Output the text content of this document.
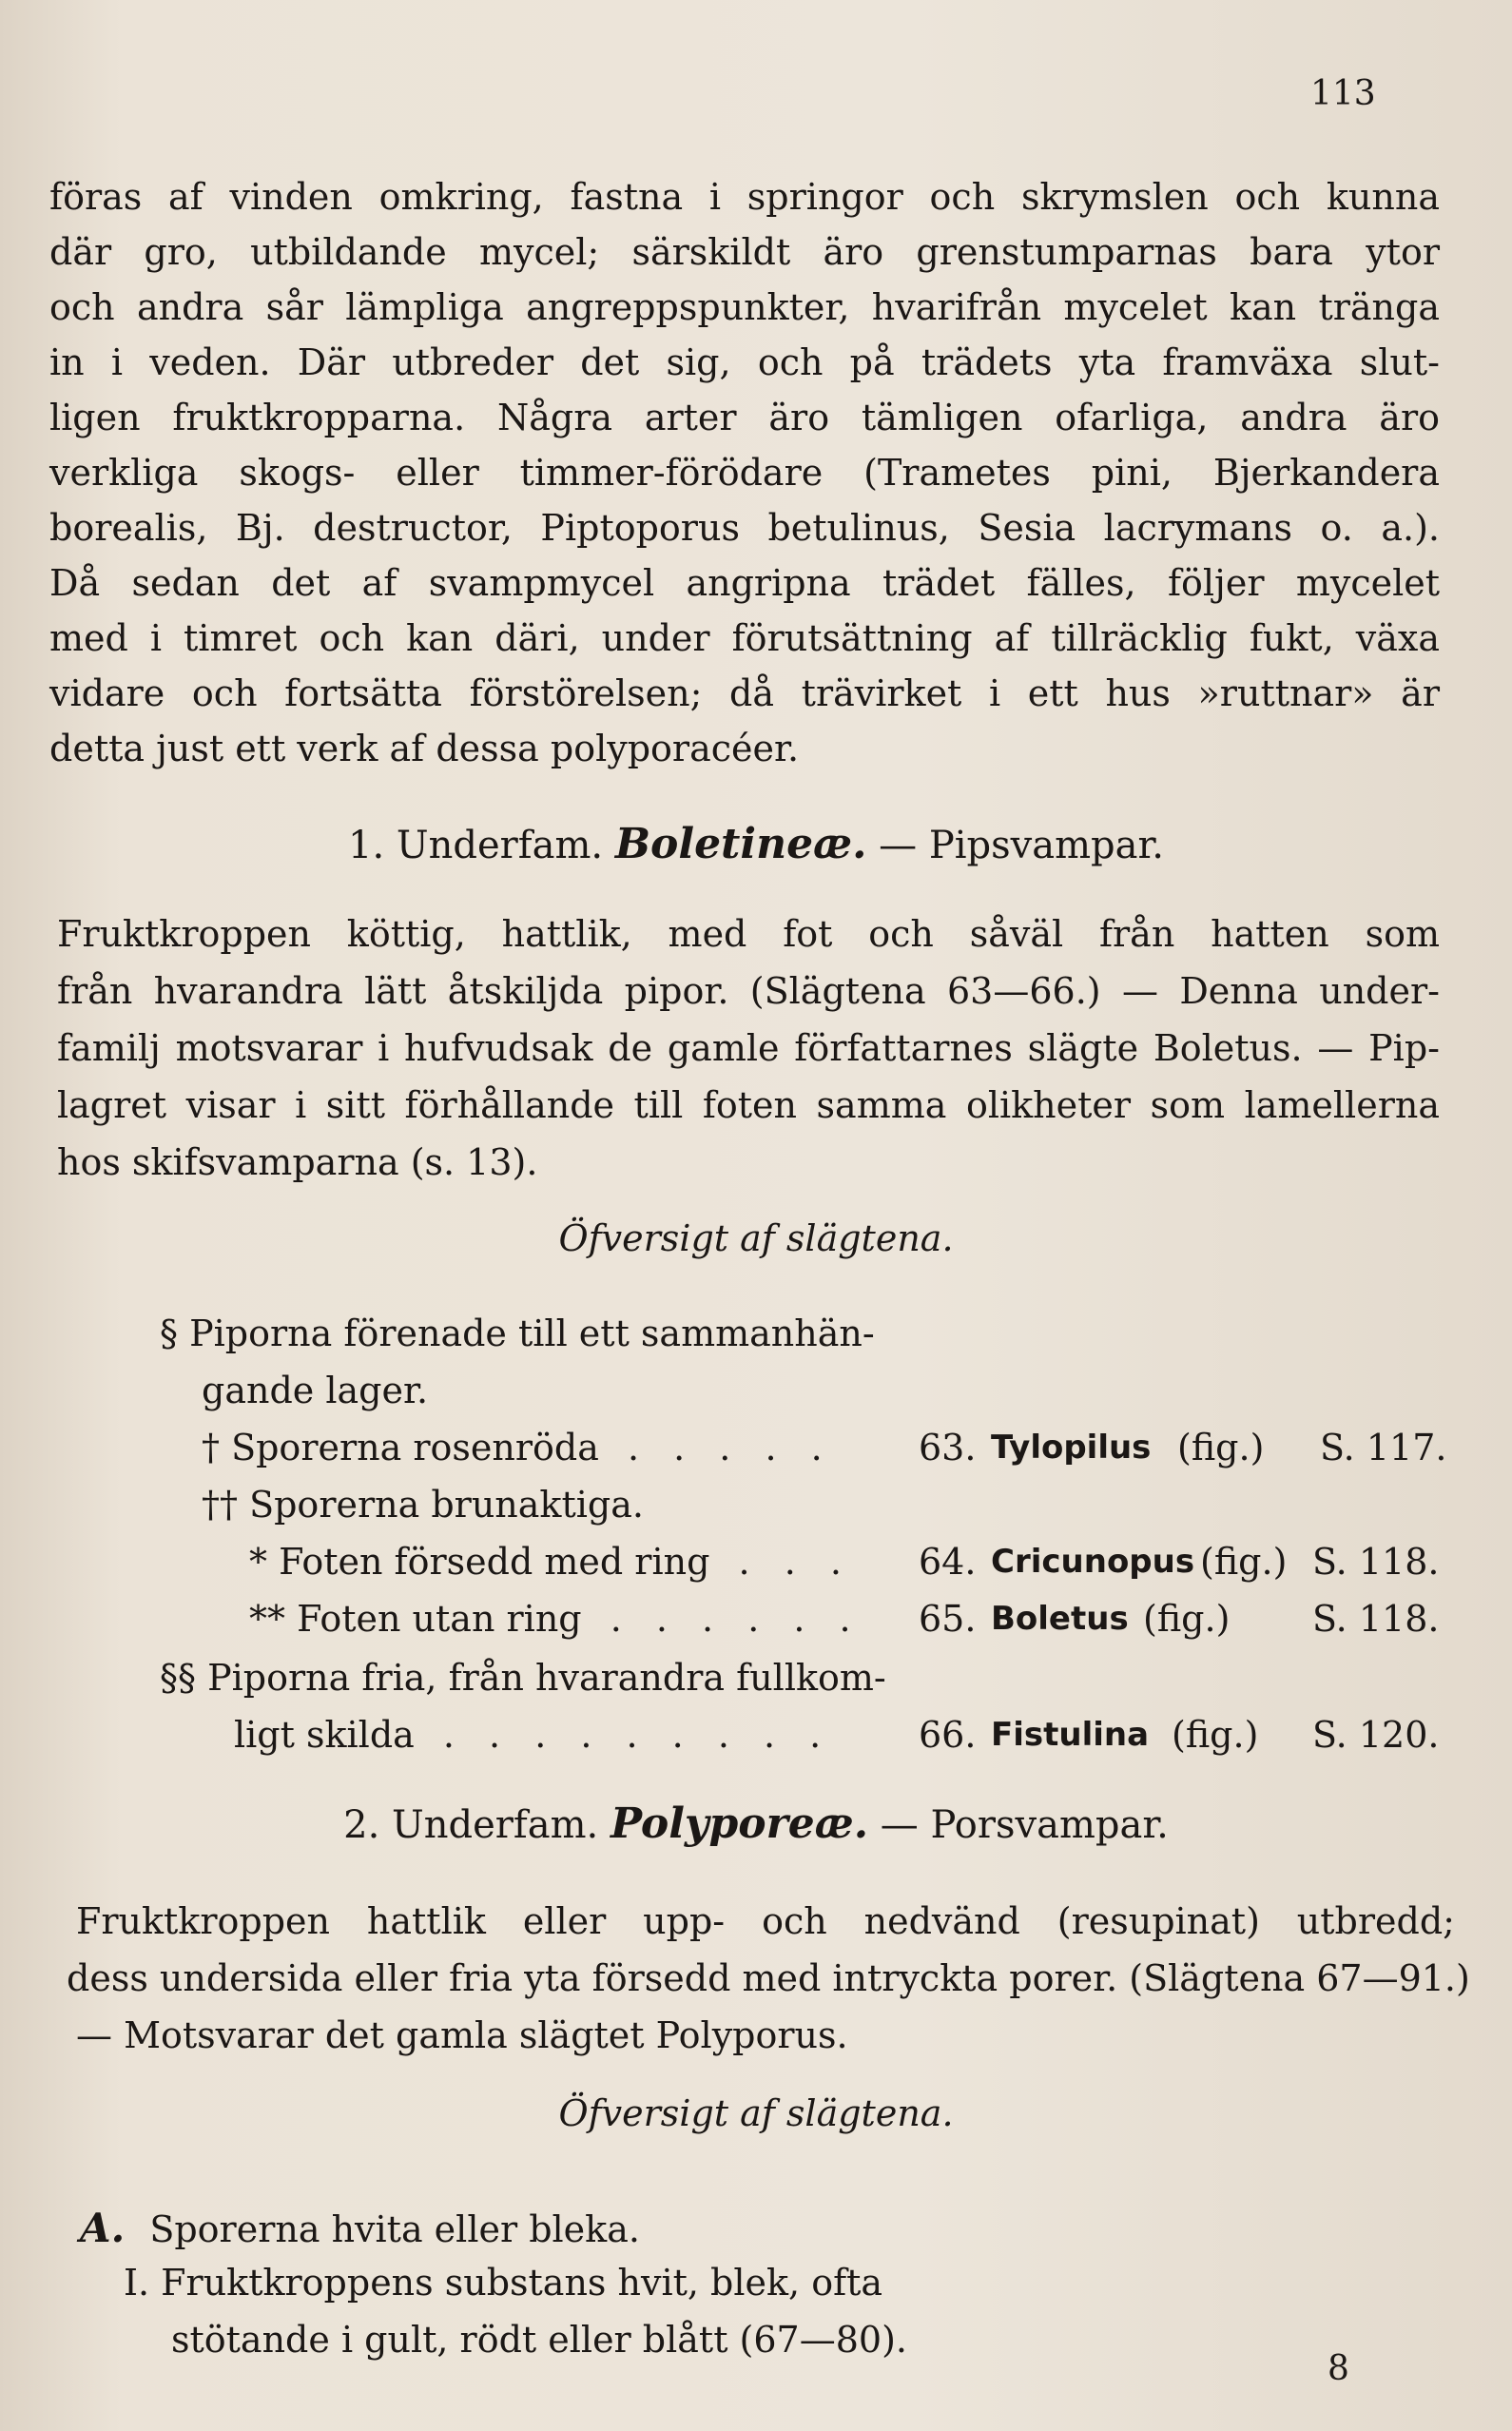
113
föras af vinden omkring, fastna i springor och skrymslen och kunna
där gro, utbildande mycel; särskildt äro grenstumparnas bara ytor
och andra sår lämpliga angreppspunkter, hvarifrån mycelet kan tränga
in i veden. Där utbreder det sig, och på trädets yta framväxa slut-
ligen fruktkropparna. Några arter äro tämligen ofarliga, andra äro
verkliga skogs- eller timmer-förödare (Trametes pini, Bjerkandera
borealis, Bj. destructor, Piptoporus betulinus, Sesia lacrymans o. a.).
Då sedan det af svampmycel angripna trädet fälles, följer mycelet
med i timret och kan däri, under förutsättning af tillräcklig fukt, växa
vidare och fortsätta förstörelsen; då trävirket i ett hus »ruttnar» är
detta just ett verk af dessa polyporacéer.
1. Underfam. Boletineæ. — Pipsvampar.
Fruktkroppen köttig, hattlik, med fot och såväl från hatten som
från hvarandra lätt åtskiljda pipor. (Slägtena 63—66.) — Denna under-
familj motsvarar i hufvudsak de gamle författarnes slägte Boletus. — Pip-
lagret visar i sitt förhållande till foten samma olikheter som lamellerna
hos skifsvamparna (s. 13).
Öfversigt af slägtena.
§ Piporna förenade till ett sammanhän-
gande lager.
† Sporerna rosenröda . . . . . 63. Tylopilus (fig.) S. 117.
†† Sporerna brunaktiga.
* Foten försedd med ring . . . 64. Cricunopus (fig.) S. 118.
** Foten utan ring . . . . . . 65. Boletus (fig.) S. 118.
§§ Piporna fria, från hvarandra fullkom-
ligt skilda . . . . . . . . . 66. Fistulina (fig.) S. 120.
2. Underfam. Polyporeæ. — Porsvampar.
Fruktkroppen hattlik eller upp- och nedvänd (resupinat) utbredd;
dess undersida eller fria yta försedd med intryckta porer. (Slägtena 67—91.)
— Motsvarar det gamla slägtet Polyporus.
Öfversigt af slägtena.
A. Sporerna hvita eller bleka.
I. Fruktkroppens substans hvit, blek, ofta
stötande i gult, rödt eller blått (67—80).
8
